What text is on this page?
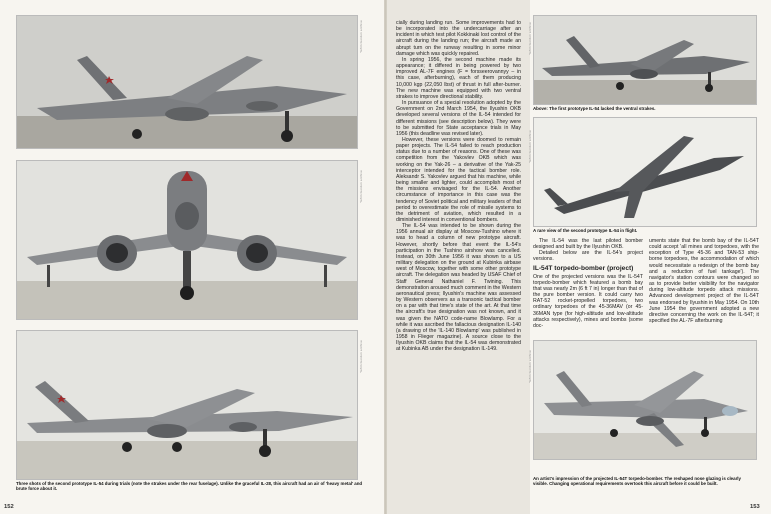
Yefim Gordon archive
Yefim Gordon archive
Yefim Gordon archive
Three shots of the second prototype IL-54 during trials (note the strakes under the rear fuselage). Unlike the graceful IL-28, this aircraft had an air of 'heavy metal' and brute force about it.
152

cially during landing run. Some improvements had to be incorporated into the undercarriage after an incident in which test pilot Kokkinaki lost control of the aircraft during the landing run; the aircraft made an abrupt turn on the runway resulting in some minor damage which was quickly repaired.

In spring 1956, the second machine made its appearance; it differed in being powered by two improved AL-7F engines (F = forsseerovannyy – in this case, afterburning), each of them producing 10,000 kgp (22,050 lbst) of thrust in full after-burner. The new machine was equipped with two ventral strakes to improve directional stability.

In pursuance of a special resolution adopted by the Government on 2nd March 1954, the Ilyushin OKB developed several versions of the IL-54 intended for different missions (see description below). They were to be submitted for State acceptance trials in May 1956 (this deadline was revised later).

However, these versions were doomed to remain paper projects. The IL-54 failed to reach production status due to a number of reasons. One of these was competition from the Yakovlev OKB which was working on the Yak-26 – a derivative of the Yak-25 interceptor intended for the tactical bomber role. Aleksandr S. Yakovlev argued that his machine, while being smaller and lighter, could accomplish most of the missions envisaged for the IL-54. Another circumstance of importance in this case was the tendency of Soviet political and military leaders of that period to overestimate the role of missile systems to the detriment of aviation, which resulted in a diminished interest in conventional bombers.

The IL-54 was intended to be shown during the 1956 annual air display at Moscow-Tushino where it was to head a column of new prototype aircraft. However, shortly before that event the IL-54's participation in the Tushino airshow was cancelled. Instead, on 30th June 1956 it was shown to a US military delegation on the ground at Kubinka airbase west of Moscow, together with some other prototype aircraft. The delegation was headed by USAF Chief of Staff General Nathaniel F. Twining. This demonstration aroused much comment in the Western aeronautical press; Ilyushin's machine was assessed by Western observers as a transonic tactical bomber on a par with that time's state of the art. At that time the aircraft's true designation was not known, and it was given the NATO code-name Blowlamp. For a while it was ascribed the fallacious designation IL-140 (a drawing of the 'IL-140 Blowlamp' was published in 1958 in Flieger magazine). A source close to the Ilyushin OKB claims that the IL-54 was demonstrated at Kubinka AB under the designation IL-149.

Yefim Gordon archive
Above: The first prototype IL-54 lacked the ventral strakes.
Yefim Gordon archive
A rare view of the second prototype IL-54 in flight.

The IL-54 was the last piloted bomber designed and built by the Ilyushin OKB.

Detailed below are the IL-54's project versions.

IL-54T torpedo-bomber (project)

One of the projected versions was the IL-54T torpedo-bomber which featured a bomb bay that was nearly 2m (6 ft 7 in) longer than that of the pure bomber version. It could carry two RAT-52 rocket-propelled torpedoes, two ordinary torpedoes of the 45-36MAV (or 45-36MAN type (for high-altitude and low-altitude attacks respectively), mines and bombs (some doc-

uments state that the bomb bay of the IL-54T could accept 'all mines and torpedoes, with the exception of Type 45-36 and TAN-53 ship-borne torpedoes, the accommodation of which would necessitate a redesign of the bomb bay and a reduction of fuel tankage'). The navigator's station contours were changed so as to provide better visibility for the navigator during low-altitude torpedo attack missions. Advanced development project of the IL-54T was endorsed by Ilyushin in May 1954. On 10th June 1954 the government adopted a new directive concerning the work on the IL-54T; it specified the AL-7F afterburning

Yefim Gordon archive
An artist's impression of the projected IL-54T torpedo-bomber. The reshaped nose glazing is clearly visible. Changing operational requirements overtook this aircraft before it could be built.
153
